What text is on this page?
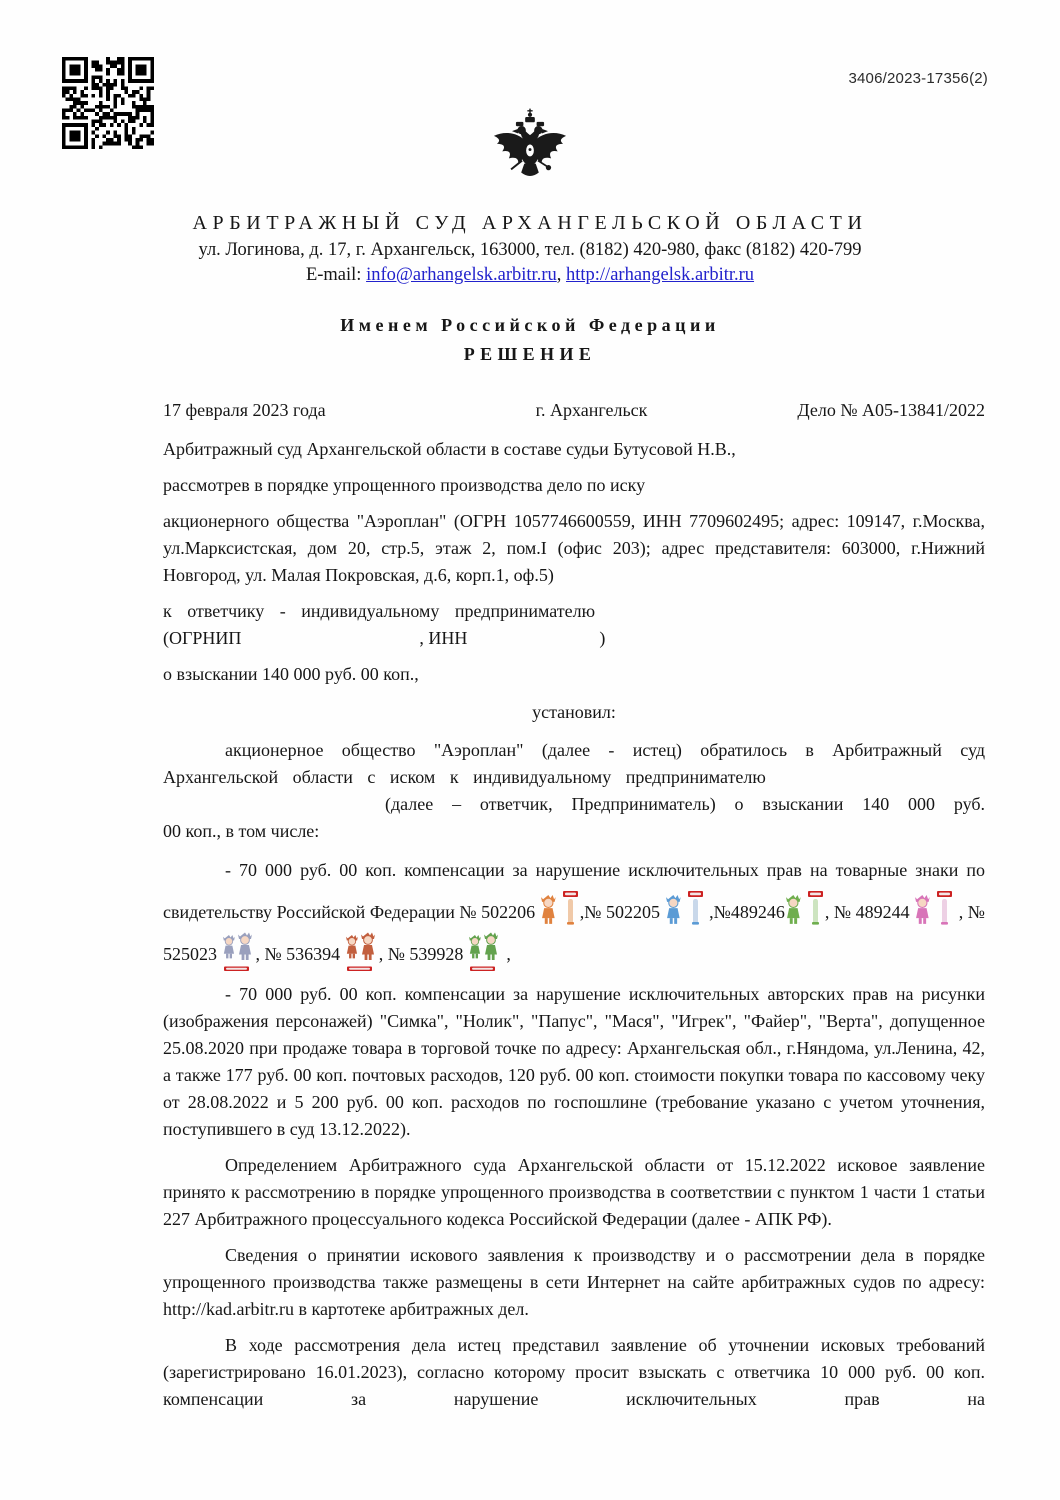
3406/2023-17356(2)
АРБИТРАЖНЫЙ СУД АРХАНГЕЛЬСКОЙ ОБЛАСТИ
ул. Логинова, д. 17, г. Архангельск, 163000, тел. (8182) 420-980, факс (8182) 420-799
E-mail: info@arhangelsk.arbitr.ru, http://arhangelsk.arbitr.ru
Именем Российской Федерации
РЕШЕНИЕ
17 февраля 2023 года	г. Архангельск	Дело № А05-13841/2022

Арбитражный суд Архангельской области в составе судьи Бутусовой Н.В.,

рассмотрев в порядке упрощенного производства дело по иску

акционерного общества "Аэроплан" (ОГРН 1057746600559, ИНН 7709602495; адрес: 109147, г.Москва, ул.Марксистская, дом 20, стр.5, этаж 2, пом.I (офис 203); адрес представителя: 603000, г.Нижний Новгород, ул. Малая Покровская, д.6, корп.1, оф.5)

к ответчику - индивидуальному предпринимателю

(ОГРНИП	, ИНН	)

о взыскании 140 000 руб. 00 коп.,

установил:

акционерное общество "Аэроплан" (далее - истец) обратилось в Арбитражный суд

Архангельской области с иском к индивидуальному предпринимателю

(далее – ответчик, Предприниматель) о взыскании 140 000 руб.

00 коп., в том числе:

- 70 000 руб. 00 коп. компенсации за нарушение исключительных прав на товарные знаки по свидетельству Российской Федерации № 502206
,№ 502205
,№489246 , № 489244
, № 525023
, № 536394
, № 539928
,

- 70 000 руб. 00 коп. компенсации за нарушение исключительных авторских прав на рисунки (изображения персонажей) "Симка", "Нолик", "Папус", "Мася", "Игрек", "Файер", "Верта", допущенное 25.08.2020 при продаже товара в торговой точке по адресу: Архангельская обл., г.Няндома, ул.Ленина, 42, а также 177 руб. 00 коп. почтовых расходов, 120 руб. 00 коп. стоимости покупки товара по кассовому чеку от 28.08.2022 и 5 200 руб. 00 коп. расходов по госпошлине (требование указано с учетом уточнения, поступившего в суд 13.12.2022).

Определением Арбитражного суда Архангельской области от 15.12.2022 исковое заявление принято к рассмотрению в порядке упрощенного производства в соответствии с пунктом 1 части 1 статьи 227 Арбитражного процессуального кодекса Российской Федерации (далее - АПК РФ).

Сведения о принятии искового заявления к производству и о рассмотрении дела в порядке упрощенного производства также размещены в сети Интернет на сайте арбитражных судов по адресу: http://kad.arbitr.ru в картотеке арбитражных дел.

В ходе рассмотрения дела истец представил заявление об уточнении исковых требований (зарегистрировано 16.01.2023), согласно которому просит взыскать с ответчика 10 000 руб. 00 коп. компенсации за нарушение исключительных прав на
